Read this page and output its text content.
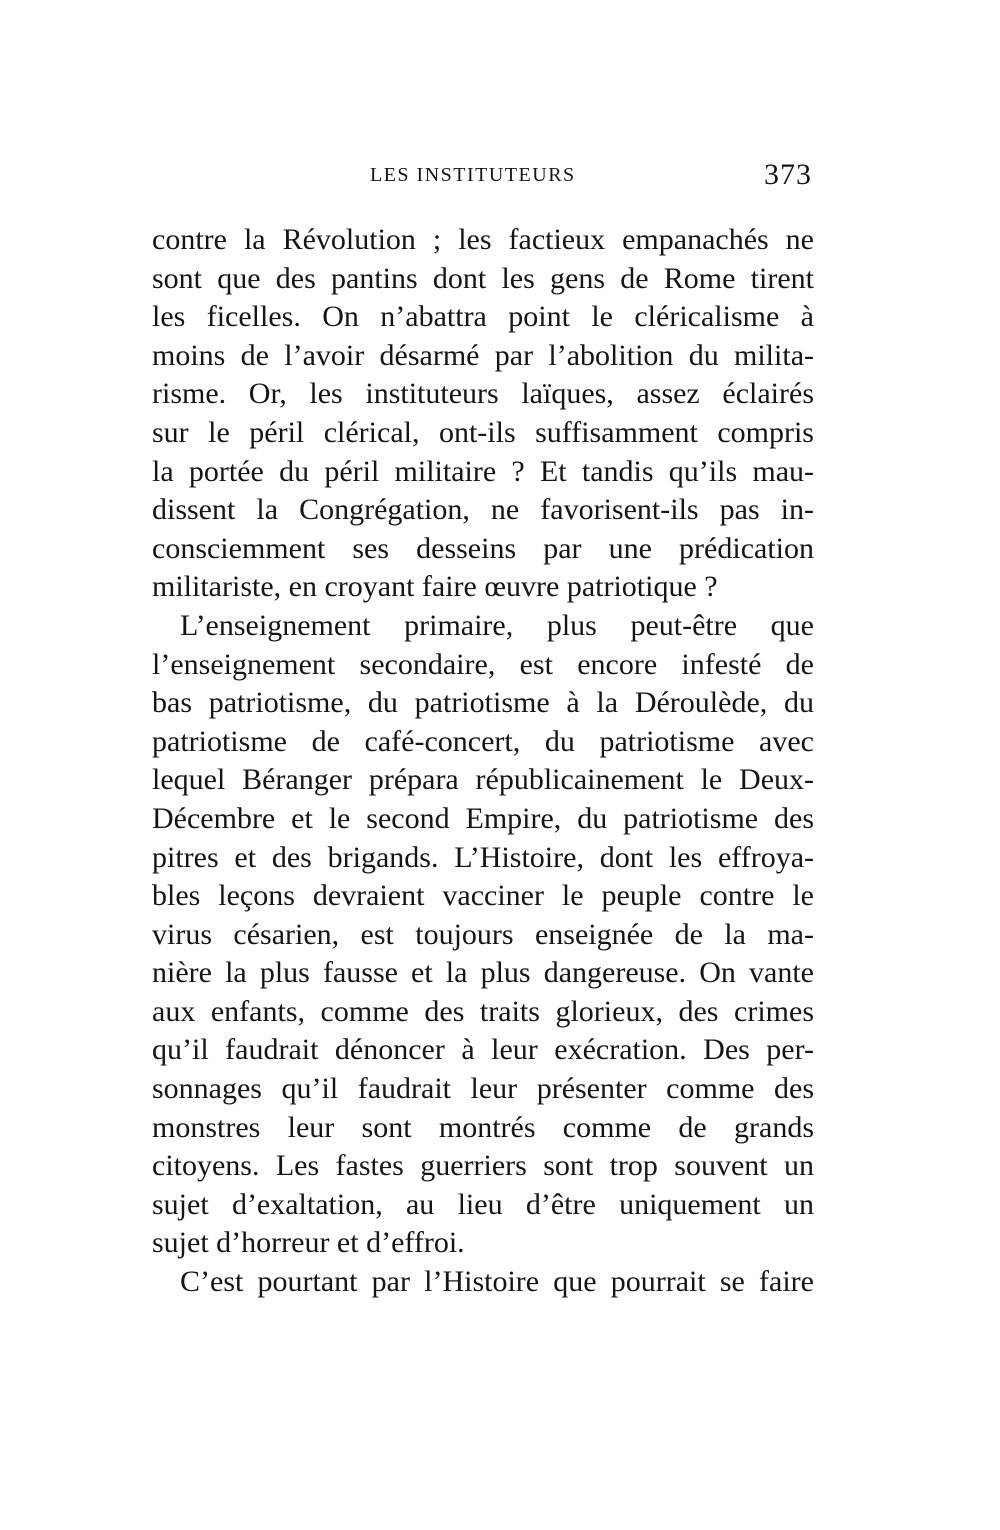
LES INSTITUTEURS	373
contre la Révolution ; les factieux empanachés ne
sont que des pantins dont les gens de Rome tirent
les ficelles. On n’abattra point le cléricalisme à
moins de l’avoir désarmé par l’abolition du milita-
risme. Or, les instituteurs laïques, assez éclairés
sur le péril clérical, ont-ils suffisamment compris
la portée du péril militaire ? Et tandis qu’ils mau-
dissent la Congrégation, ne favorisent-ils pas in-
consciemment ses desseins par une prédication
militariste, en croyant faire œuvre patriotique ?
L’enseignement primaire, plus peut-être que
l’enseignement secondaire, est encore infesté de
bas patriotisme, du patriotisme à la Déroulède, du
patriotisme de café-concert, du patriotisme avec
lequel Béranger prépara républicainement le Deux-
Décembre et le second Empire, du patriotisme des
pitres et des brigands. L’Histoire, dont les effroya-
bles leçons devraient vacciner le peuple contre le
virus césarien, est toujours enseignée de la ma-
nière la plus fausse et la plus dangereuse. On vante
aux enfants, comme des traits glorieux, des crimes
qu’il faudrait dénoncer à leur exécration. Des per-
sonnages qu’il faudrait leur présenter comme des
monstres leur sont montrés comme de grands
citoyens. Les fastes guerriers sont trop souvent un
sujet d’exaltation, au lieu d’être uniquement un
sujet d’horreur et d’effroi.
C’est pourtant par l’Histoire que pourrait se faire
